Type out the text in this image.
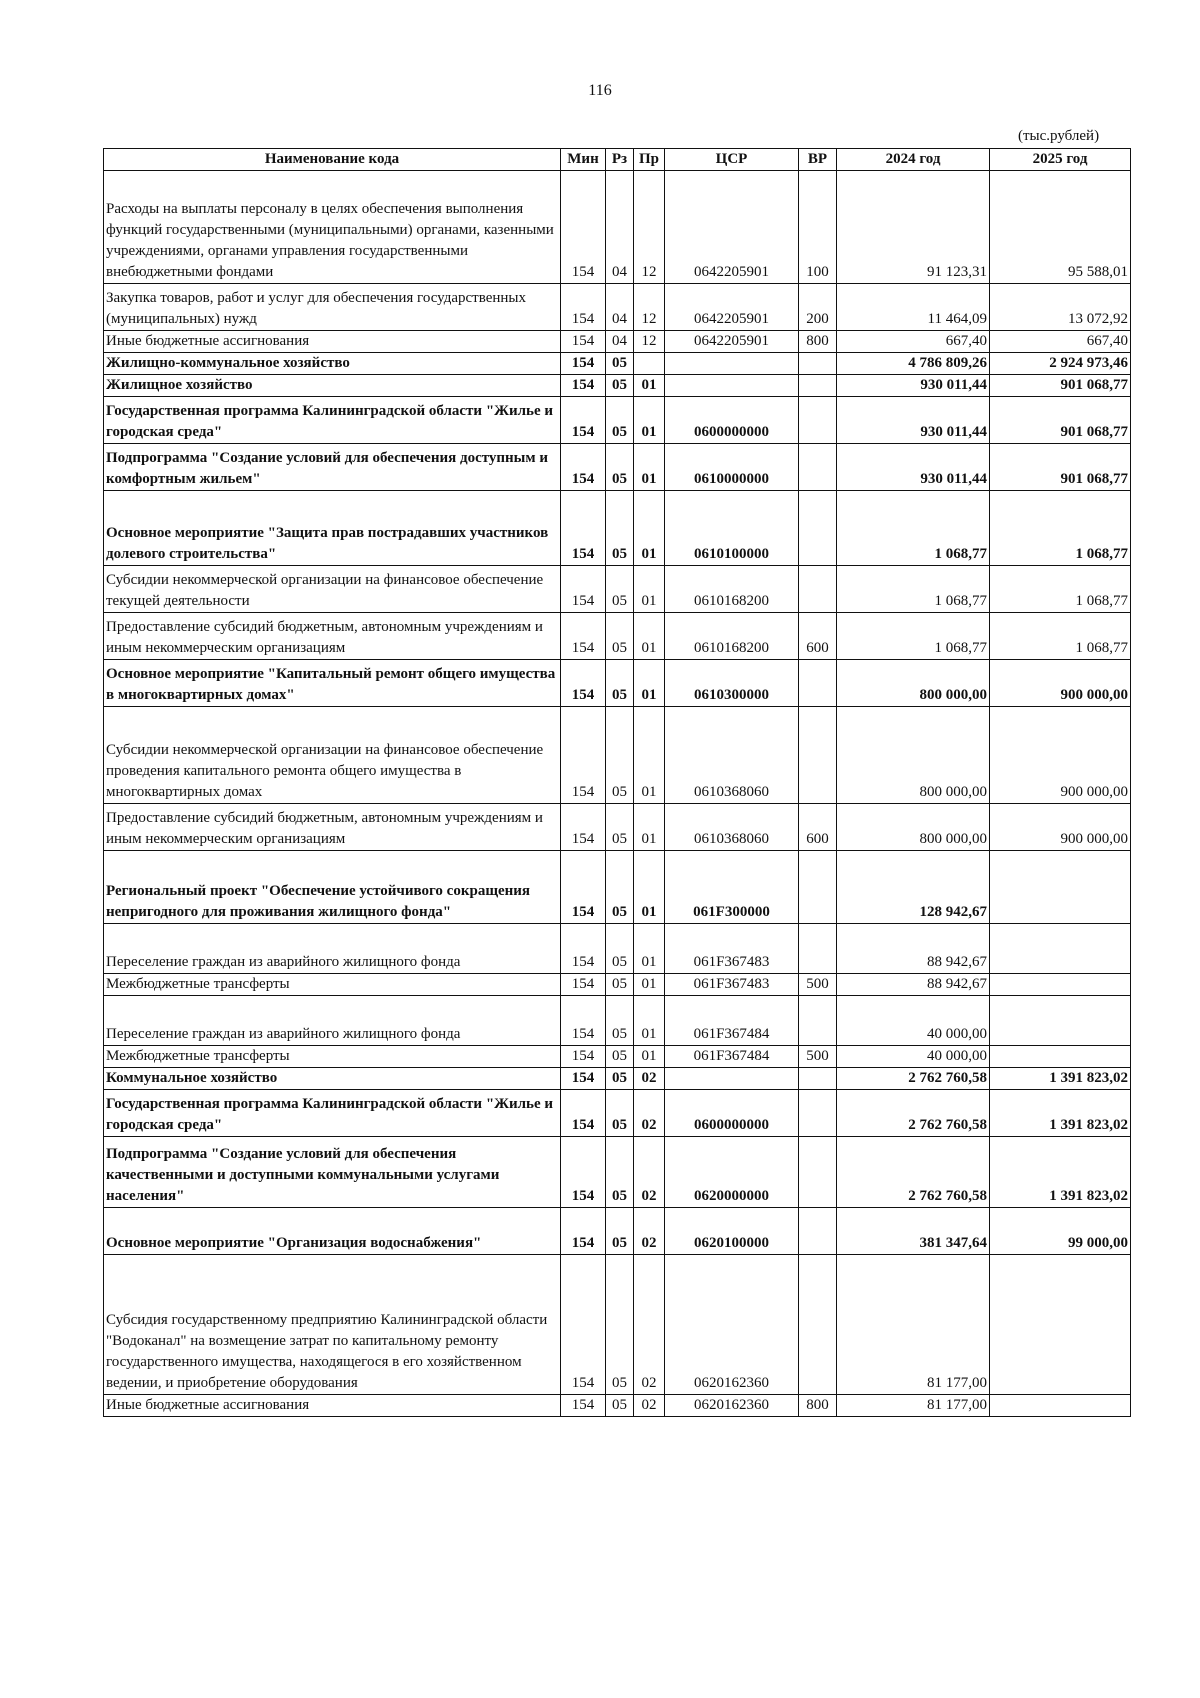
116
(тыс.рублей)
Наименование кода	Мин	Рз	Пр	ЦСР	ВР	2024 год	2025 год
Расходы на выплаты персоналу в целях обеспечения выполнения функций государственными (муниципальными) органами, казенными учреждениями, органами управления государственными внебюджетными фондами	154	04	12	0642205901	100	91 123,31	95 588,01
Закупка товаров, работ и услуг для обеспечения государственных (муниципальных) нужд	154	04	12	0642205901	200	11 464,09	13 072,92
Иные бюджетные ассигнования	154	04	12	0642205901	800	667,40	667,40
Жилищно-коммунальное хозяйство	154	05				4 786 809,26	2 924 973,46
Жилищное хозяйство	154	05	01			930 011,44	901 068,77
Государственная программа Калининградской области "Жилье и городская среда"	154	05	01	0600000000		930 011,44	901 068,77
Подпрограмма "Создание условий для обеспечения доступным и комфортным жильем"	154	05	01	0610000000		930 011,44	901 068,77
Основное мероприятие "Защита прав пострадавших участников долевого строительства"	154	05	01	0610100000		1 068,77	1 068,77
Субсидии некоммерческой организации на финансовое обеспечение текущей деятельности	154	05	01	0610168200		1 068,77	1 068,77
Предоставление субсидий бюджетным, автономным учреждениям и иным некоммерческим организациям	154	05	01	0610168200	600	1 068,77	1 068,77
Основное мероприятие "Капитальный ремонт общего имущества в многоквартирных домах"	154	05	01	0610300000		800 000,00	900 000,00
Субсидии некоммерческой организации на финансовое обеспечение проведения капитального ремонта общего имущества в многоквартирных домах	154	05	01	0610368060		800 000,00	900 000,00
Предоставление субсидий бюджетным, автономным учреждениям и иным некоммерческим организациям	154	05	01	0610368060	600	800 000,00	900 000,00
Региональный проект "Обеспечение устойчивого сокращения непригодного для проживания жилищного фонда"	154	05	01	061F300000		128 942,67	
Переселение граждан из аварийного жилищного фонда	154	05	01	061F367483		88 942,67	
Межбюджетные трансферты	154	05	01	061F367483	500	88 942,67	
Переселение граждан из аварийного жилищного фонда	154	05	01	061F367484		40 000,00	
Межбюджетные трансферты	154	05	01	061F367484	500	40 000,00	
Коммунальное хозяйство	154	05	02			2 762 760,58	1 391 823,02
Государственная программа Калининградской области "Жилье и городская среда"	154	05	02	0600000000		2 762 760,58	1 391 823,02
Подпрограмма "Создание условий для обеспечения качественными и доступными коммунальными услугами населения"	154	05	02	0620000000		2 762 760,58	1 391 823,02
Основное мероприятие "Организация водоснабжения"	154	05	02	0620100000		381 347,64	99 000,00
Субсидия государственному предприятию Калининградской области "Водоканал" на возмещение затрат по капитальному ремонту государственного имущества, находящегося в его хозяйственном ведении, и приобретение оборудования	154	05	02	0620162360		81 177,00	
Иные бюджетные ассигнования	154	05	02	0620162360	800	81 177,00	
